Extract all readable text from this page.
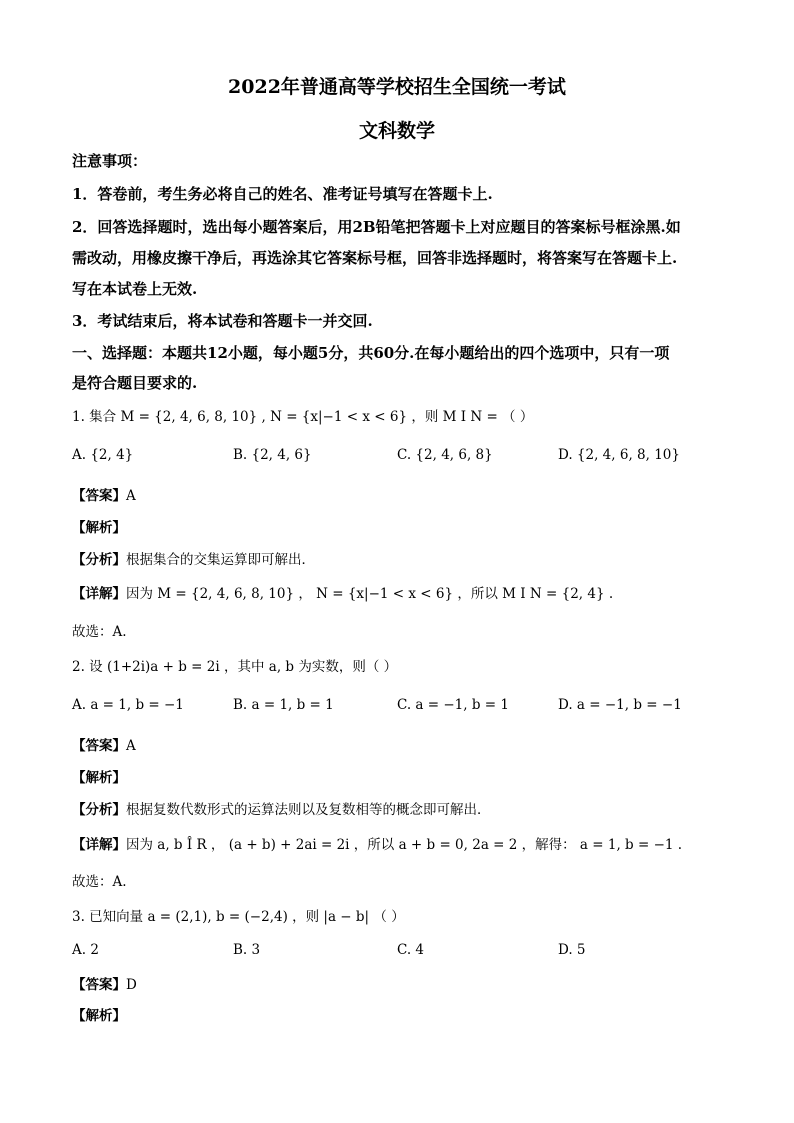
2022年普通高等学校招生全国统一考试
文科数学
注意事项：
1．答卷前，考生务必将自己的姓名、准考证号填写在答题卡上.
2．回答选择题时，选出每小题答案后，用2B铅笔把答题卡上对应题目的答案标号框涂黑.如
需改动，用橡皮擦干净后，再选涂其它答案标号框，回答非选择题时，将答案写在答题卡上.
写在本试卷上无效.
3．考试结束后，将本试卷和答题卡一并交回.
一、选择题：本题共12小题，每小题5分，共60分.在每小题给出的四个选项中，只有一项
是符合题目要求的.
1. 集合 M = {2, 4, 6, 8, 10} , N = {x|−1 < x < 6} ，则 M I N = （ ）
A. {2, 4}	B. {2, 4, 6}	C. {2, 4, 6, 8}	D. {2, 4, 6, 8, 10}
【答案】A
【解析】
【分析】根据集合的交集运算即可解出．
【详解】因为 M = {2, 4, 6, 8, 10} ， N = {x|−1 < x < 6} ，所以 M I N = {2, 4} .
故选：A.
2. 设 (1+2i)a + b = 2i ，其中 a, b 为实数，则（ ）
A. a = 1, b = −1	B. a = 1, b = 1	C. a = −1, b = 1	D. a = −1, b = −1
【答案】A
【解析】
【分析】根据复数代数形式的运算法则以及复数相等的概念即可解出．
【详解】因为 a, b Î R ， (a + b) + 2ai = 2i ，所以 a + b = 0, 2a = 2 ，解得： a = 1, b = −1 .
故选：A.
3. 已知向量 a = (2,1), b = (−2,4) ，则 |a − b| （ ）
A. 2	B. 3	C. 4	D. 5
【答案】D
【解析】
